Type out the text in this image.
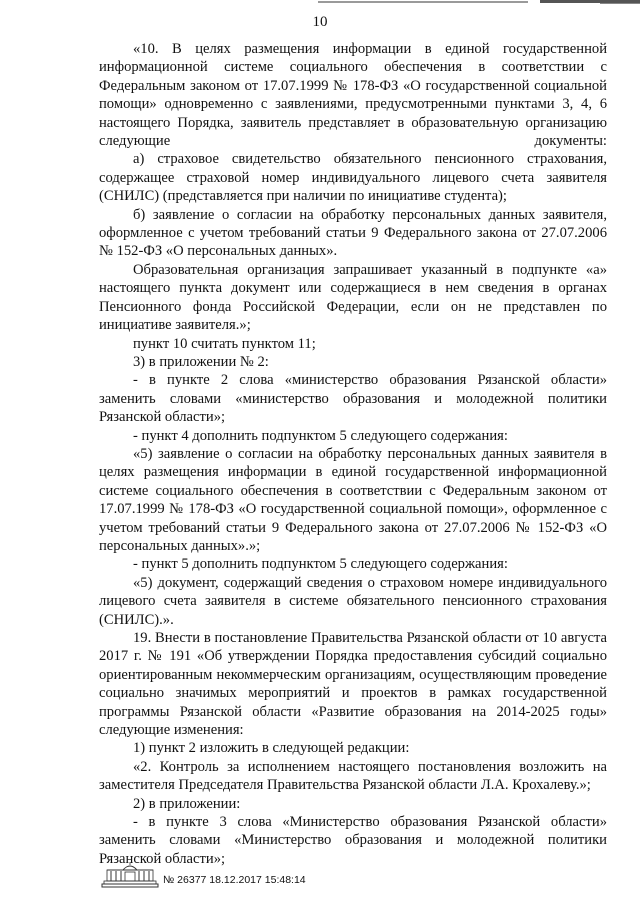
10

«10. В целях размещения информации в единой государственной информационной системе социального обеспечения в соответствии с Федеральным законом от 17.07.1999 № 178-ФЗ «О государственной социальной помощи» одновременно с заявлениями, предусмотренными пунктами 3, 4, 6 настоящего Порядка, заявитель представляет в образовательную организацию следующие документы:

а) страховое свидетельство обязательного пенсионного страхования, содержащее страховой номер индивидуального лицевого счета заявителя (СНИЛС) (представляется при наличии по инициативе студента);

б) заявление о согласии на обработку персональных данных заявителя, оформленное с учетом требований статьи 9 Федерального закона от 27.07.2006 № 152-ФЗ «О персональных данных».

Образовательная организация запрашивает указанный в подпункте «а» настоящего пункта документ или содержащиеся в нем сведения в органах Пенсионного фонда Российской Федерации, если он не представлен по инициативе заявителя.»;

пункт 10 считать пунктом 11;

3) в приложении № 2:

- в пункте 2 слова «министерство образования Рязанской области» заменить словами «министерство образования и молодежной политики Рязанской области»;

- пункт 4 дополнить подпунктом 5 следующего содержания:

«5) заявление о согласии на обработку персональных данных заявителя в целях размещения информации в единой государственной информационной системе социального обеспечения в соответствии с Федеральным законом от 17.07.1999 № 178-ФЗ «О государственной социальной помощи», оформленное с учетом требований статьи 9 Федерального закона от 27.07.2006 № 152-ФЗ «О персональных данных».»;

- пункт 5 дополнить подпунктом 5 следующего содержания:

«5) документ, содержащий сведения о страховом номере индивидуального лицевого счета заявителя в системе обязательного пенсионного страхования (СНИЛС).».

19. Внести в постановление Правительства Рязанской области от 10 августа 2017 г. № 191 «Об утверждении Порядка предоставления субсидий социально ориентированным некоммерческим организациям, осуществляющим проведение социально значимых мероприятий и проектов в рамках государственной программы Рязанской области «Развитие образования на 2014-2025 годы» следующие изменения:

1) пункт 2 изложить в следующей редакции:

«2. Контроль за исполнением настоящего постановления возложить на заместителя Председателя Правительства Рязанской области Л.А. Крохалеву.»;

2) в приложении:

- в пункте 3 слова «Министерство образования Рязанской области» заменить словами «Министерство образования и молодежной политики Рязанской области»;

№ 26377 18.12.2017 15:48:14
